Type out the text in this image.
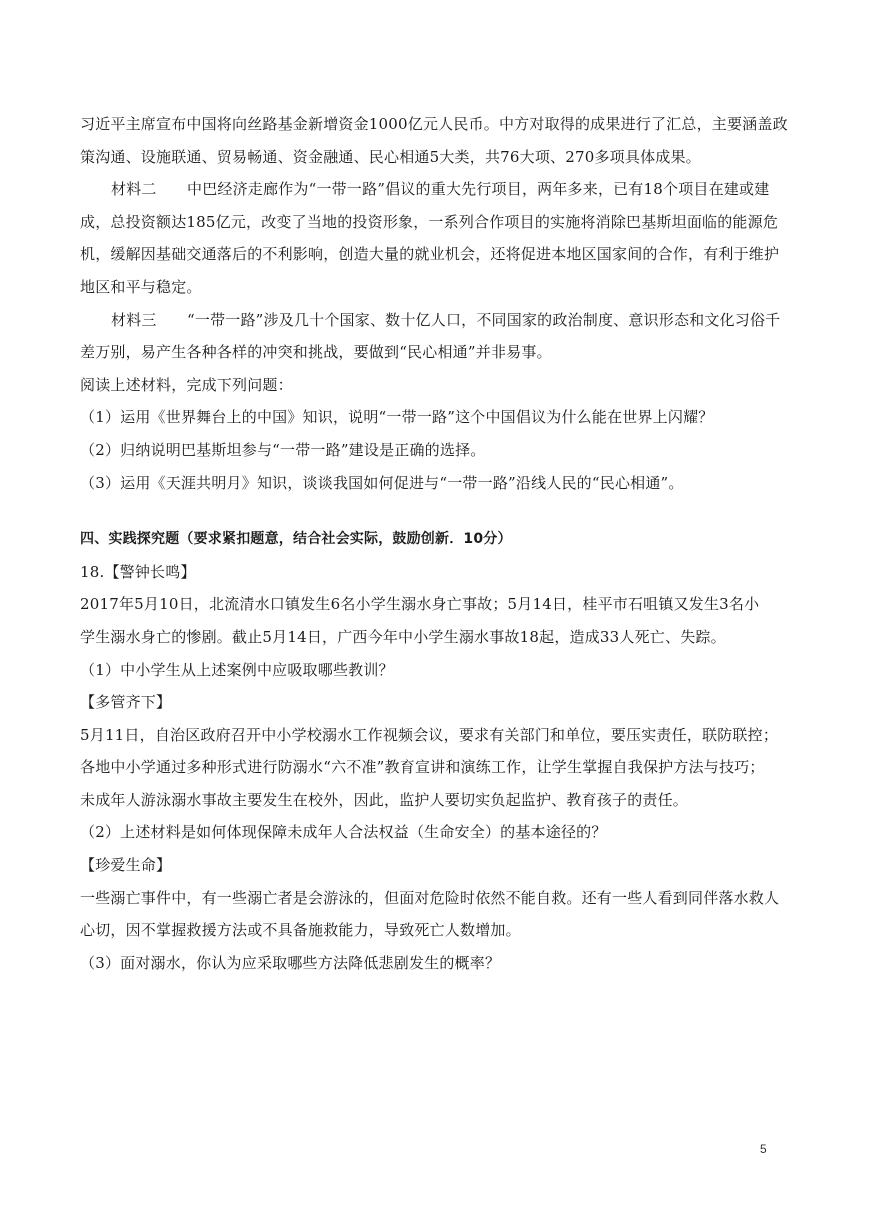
习近平主席宣布中国将向丝路基金新增资金1000亿元人民币。中方对取得的成果进行了汇总，主要涵盖政
策沟通、设施联通、贸易畅通、资金融通、民心相通5大类，共76大项、270多项具体成果。
材料二　　中巴经济走廊作为“一带一路”倡议的重大先行项目，两年多来，已有18个项目在建或建
成，总投资额达185亿元，改变了当地的投资形象，一系列合作项目的实施将消除巴基斯坦面临的能源危
机，缓解因基础交通落后的不利影响，创造大量的就业机会，还将促进本地区国家间的合作，有利于维护
地区和平与稳定。
材料三　　“一带一路”涉及几十个国家、数十亿人口，不同国家的政治制度、意识形态和文化习俗千
差万别，易产生各种各样的冲突和挑战，要做到“民心相通”并非易事。
阅读上述材料，完成下列问题：
（1）运用《世界舞台上的中国》知识，说明“一带一路”这个中国倡议为什么能在世界上闪耀？
（2）归纳说明巴基斯坦参与“一带一路”建设是正确的选择。
（3）运用《天涯共明月》知识，谈谈我国如何促进与“一带一路”沿线人民的“民心相通”。
四、实践探究题（要求紧扣题意，结合社会实际，鼓励创新．10分）
18.【警钟长鸣】
2017年5月10日，北流清水口镇发生6名小学生溺水身亡事故；5月14日，桂平市石咀镇又发生3名小
学生溺水身亡的惨剧。截止5月14日，广西今年中小学生溺水事故18起，造成33人死亡、失踪。
（1）中小学生从上述案例中应吸取哪些教训？
【多管齐下】
5月11日，自治区政府召开中小学校溺水工作视频会议，要求有关部门和单位，要压实责任，联防联控；
各地中小学通过多种形式进行防溺水“六不准”教育宣讲和演练工作，让学生掌握自我保护方法与技巧；
未成年人游泳溺水事故主要发生在校外，因此，监护人要切实负起监护、教育孩子的责任。
（2）上述材料是如何体现保障未成年人合法权益（生命安全）的基本途径的？
【珍爱生命】
一些溺亡事件中，有一些溺亡者是会游泳的，但面对危险时依然不能自救。还有一些人看到同伴落水救人
心切，因不掌握救援方法或不具备施救能力，导致死亡人数增加。
（3）面对溺水，你认为应采取哪些方法降低悲剧发生的概率？
5
